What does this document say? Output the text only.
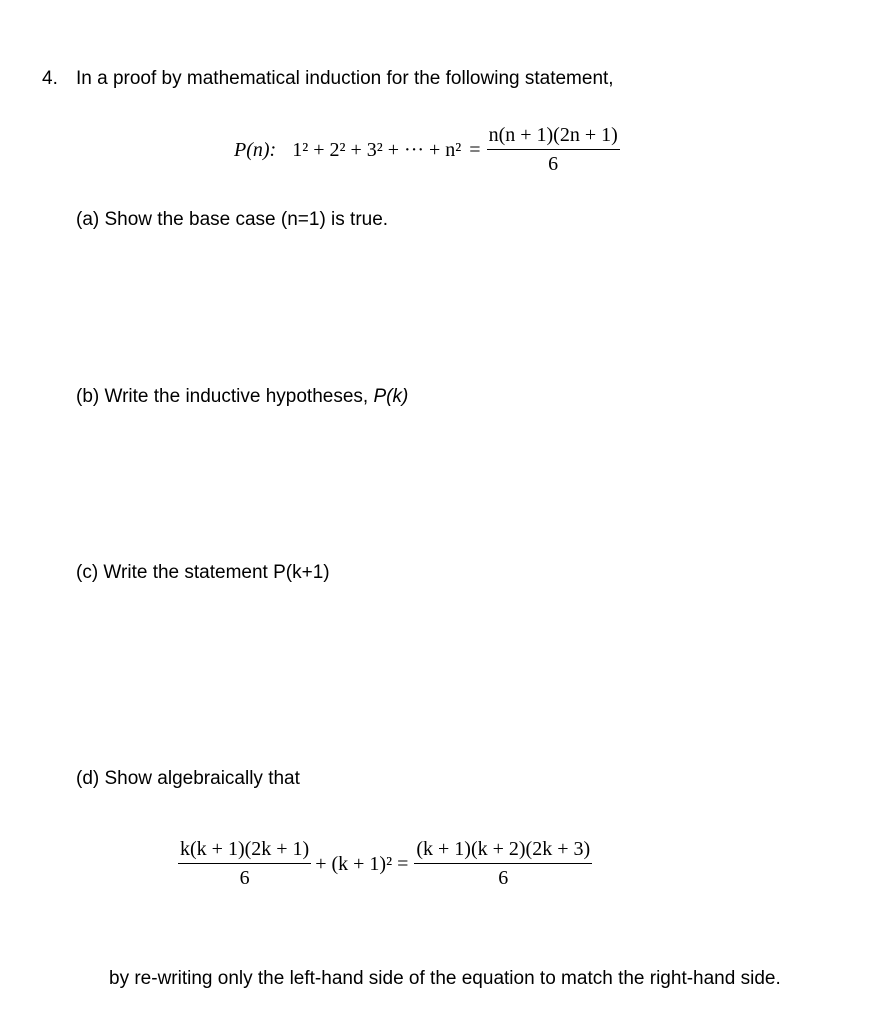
4. In a proof by mathematical induction for the following statement,
P(n): 1² + 2² + 3² + ··· + $n^2 = \frac{n(n + 1)(2n + 1)}{6}$
(a) Show the base case (n=1) is true.
(b) Write the inductive hypotheses, P(k)
(c) Write the statement P(k+1)
(d) Show algebraically that
$\frac{k(k + 1)(2k + 1)}{6} + (k + 1)^2 = \frac{(k + 1)(k + 2)(2k + 3)}{6}$
by re-writing only the left-hand side of the equation to match the right-hand side.
